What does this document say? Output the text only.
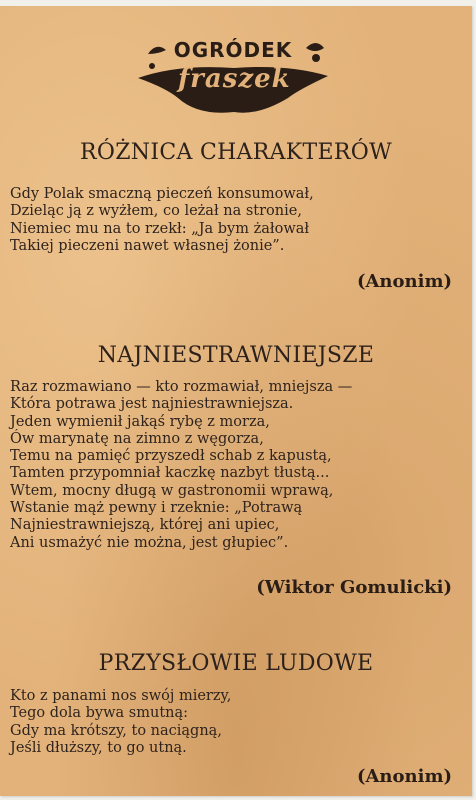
OGRÓDEK
fraszek
RÓŻNICA CHARAKTERÓW
Gdy Polak smaczną pieczeń konsumował,
Dzieląc ją z wyżłem, co leżał na stronie,
Niemiec mu na to rzekł: „Ja bym żałował
Takiej pieczeni nawet własnej żonie”.
(Anonim)
NAJNIESTRAWNIEJSZE
Raz rozmawiano — kto rozmawiał, mniejsza —
Która potrawa jest najniestrawniejsza.
Jeden wymienił jakąś rybę z morza,
Ów marynatę na zimno z węgorza,
Temu na pamięć przyszedł schab z kapustą,
Tamten przypomniał kaczkę nazbyt tłustą...
Wtem, mocny długą w gastronomii wprawą,
Wstanie mąż pewny i rzeknie: „Potrawą
Najniestrawniejszą, której ani upiec,
Ani usmażyć nie można, jest głupiec”.
(Wiktor Gomulicki)
PRZYSŁOWIE LUDOWE
Kto z panami nos swój mierzy,
Tego dola bywa smutną:
Gdy ma krótszy, to naciągną,
Jeśli dłuższy, to go utną.
(Anonim)
